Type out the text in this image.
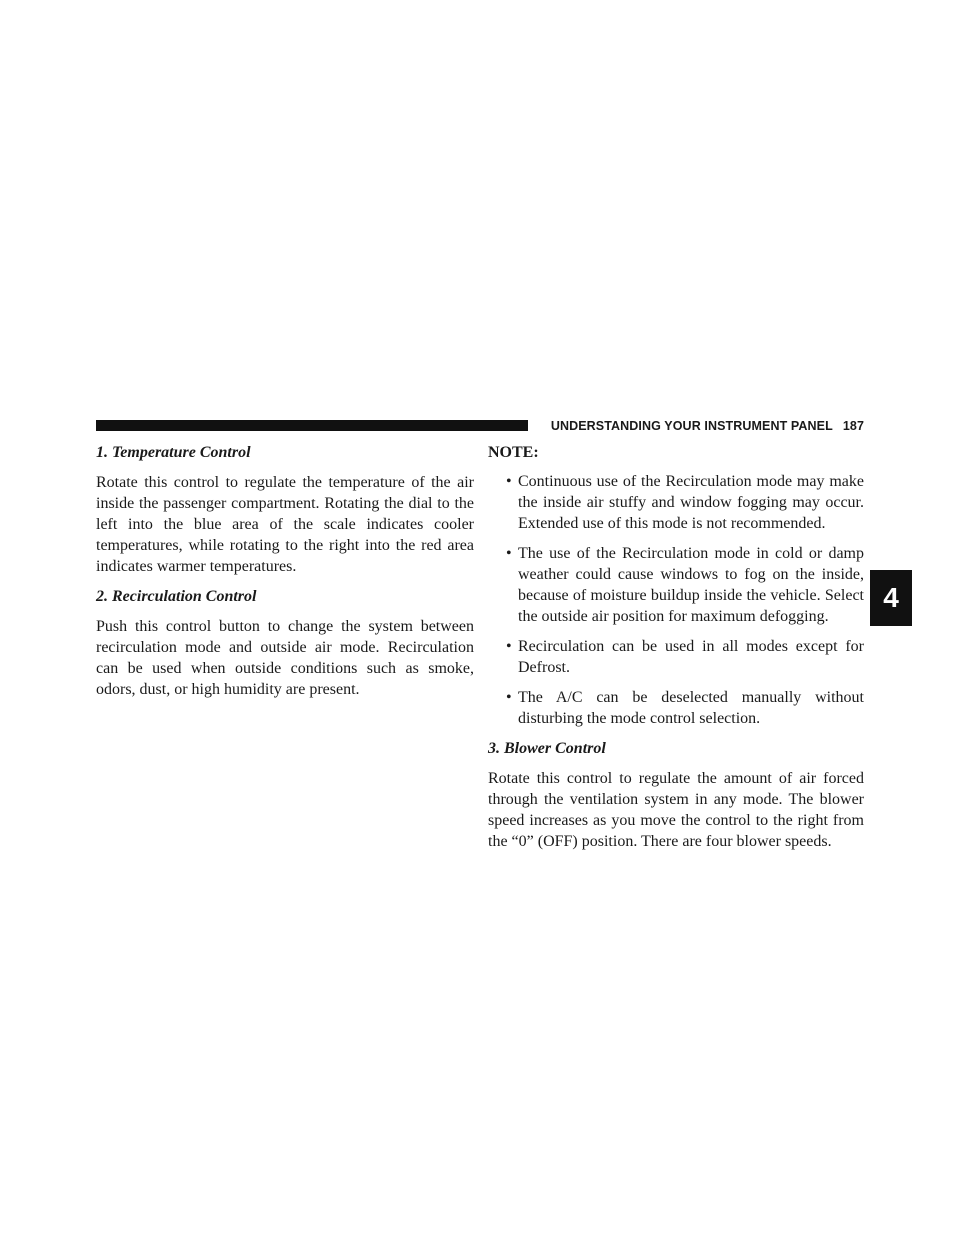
UNDERSTANDING YOUR INSTRUMENT PANEL 187
4
1. Temperature Control

Rotate this control to regulate the temperature of the air inside the passenger compartment. Rotating the dial to the left into the blue area of the scale indicates cooler temperatures, while rotating to the right into the red area indicates warmer temperatures.

2. Recirculation Control

Push this control button to change the system between recirculation mode and outside air mode. Recirculation can be used when outside conditions such as smoke, odors, dust, or high humidity are present.

NOTE:
• Continuous use of the Recirculation mode may make the inside air stuffy and window fogging may occur. Extended use of this mode is not recommended.
• The use of the Recirculation mode in cold or damp weather could cause windows to fog on the inside, because of moisture buildup inside the vehicle. Select the outside air position for maximum defogging.
• Recirculation can be used in all modes except for Defrost.
• The A/C can be deselected manually without disturbing the mode control selection.
3. Blower Control

Rotate this control to regulate the amount of air forced through the ventilation system in any mode. The blower speed increases as you move the control to the right from the “0” (OFF) position. There are four blower speeds.
